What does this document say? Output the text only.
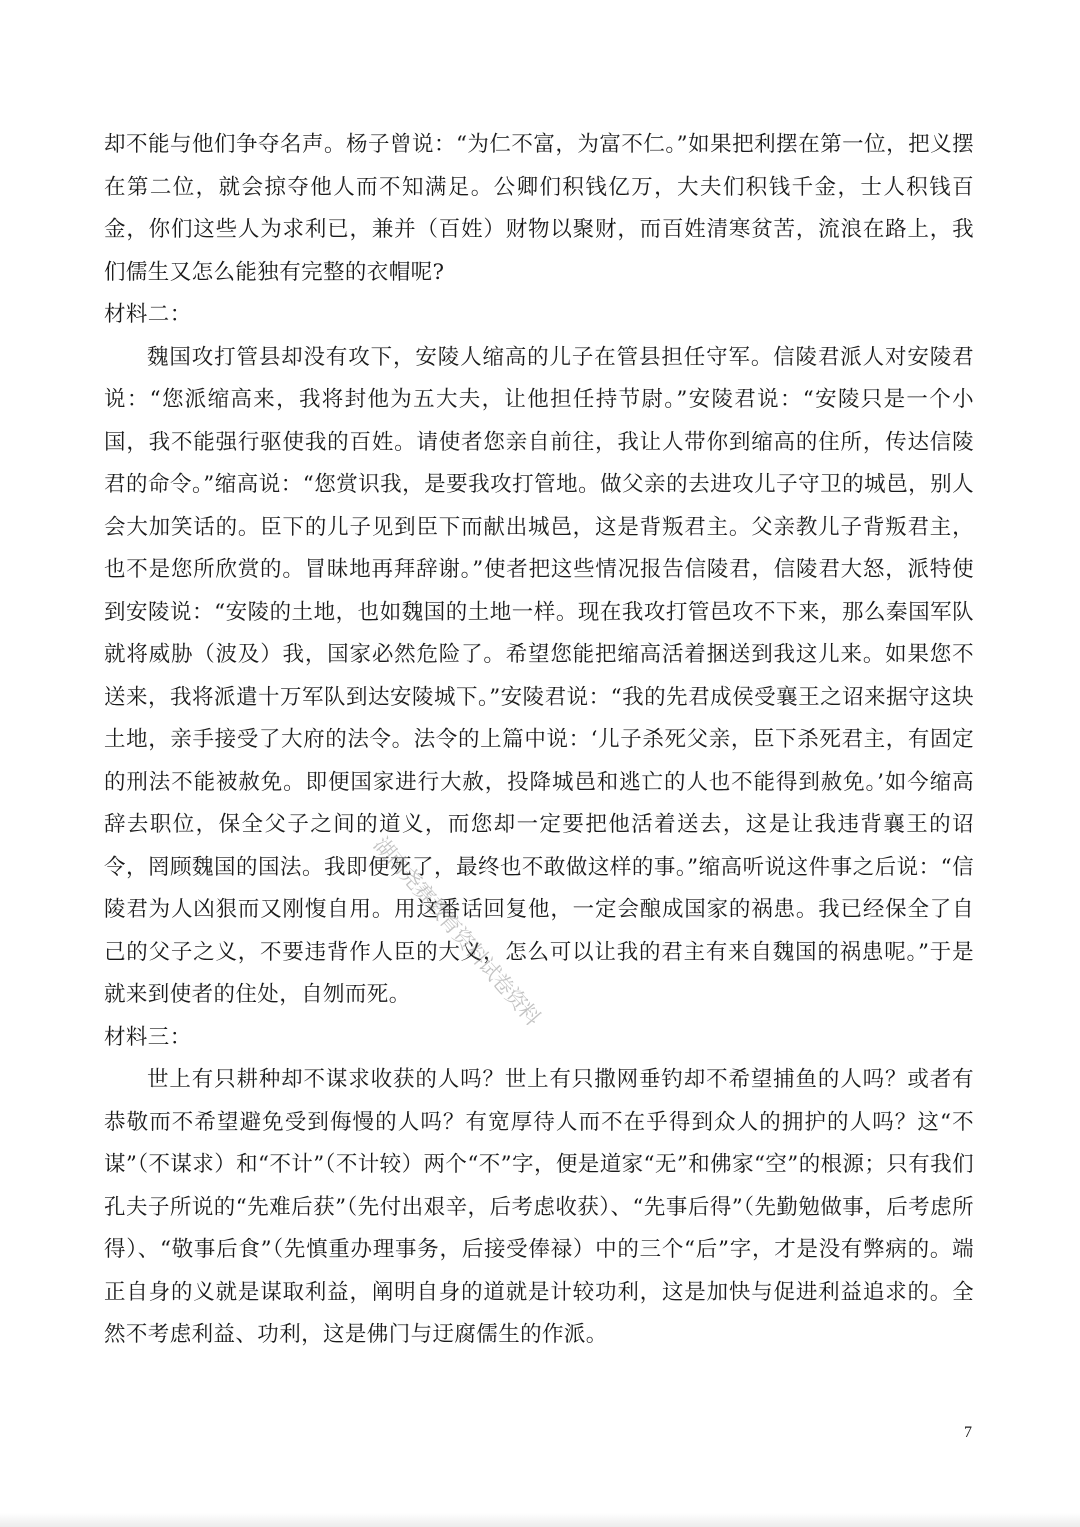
却不能与他们争夺名声。杨子曾说：“为仁不富，为富不仁。”如果把利摆在第一位，把义摆在第二位，就会掠夺他人而不知满足。公卿们积钱亿万，大夫们积钱千金，士人积钱百金，你们这些人为求利已，兼并（百姓）财物以聚财，而百姓清寒贫苦，流浪在路上，我们儒生又怎么能独有完整的衣帽呢?

材料二：

魏国攻打管县却没有攻下，安陵人缩高的儿子在管县担任守军。信陵君派人对安陵君说：“您派缩高来，我将封他为五大夫，让他担任持节尉。”安陵君说：“安陵只是一个小国，我不能强行驱使我的百姓。请使者您亲自前往，我让人带你到缩高的住所，传达信陵君的命令。”缩高说：“您赏识我，是要我攻打管地。做父亲的去进攻儿子守卫的城邑，别人会大加笑话的。臣下的儿子见到臣下而献出城邑，这是背叛君主。父亲教儿子背叛君主，也不是您所欣赏的。冒昧地再拜辞谢。”使者把这些情况报告信陵君，信陵君大怒，派特使到安陵说：“安陵的土地，也如魏国的土地一样。现在我攻打管邑攻不下来，那么秦国军队就将威胁（波及）我，国家必然危险了。希望您能把缩高活着捆送到我这儿来。如果您不送来，我将派遣十万军队到达安陵城下。”安陵君说：“我的先君成侯受襄王之诏来据守这块土地，亲手接受了大府的法令。法令的上篇中说：‘儿子杀死父亲，臣下杀死君主，有固定的刑法不能被赦免。即便国家进行大赦，投降城邑和逃亡的人也不能得到赦免。’如今缩高辞去职位，保全父子之间的道义，而您却一定要把他活着送去，这是让我违背襄王的诏令，罔顾魏国的国法。我即便死了，最终也不敢做这样的事。”缩高听说这件事之后说：“信陵君为人凶狠而又刚愎自用。用这番话回复他，一定会酿成国家的祸患。我已经保全了自己的父子之义，不要违背作人臣的大义，怎么可以让我的君主有来自魏国的祸患呢。”于是就来到使者的住处，自刎而死。

材料三：

世上有只耕种却不谋求收获的人吗？世上有只撒网垂钓却不希望捕鱼的人吗？或者有恭敬而不希望避免受到侮慢的人吗？有宽厚待人而不在乎得到众人的拥护的人吗？这“不谋”（不谋求）和“不计”（不计较）两个“不”字，便是道家“无”和佛家“空”的根源；只有我们孔夫子所说的“先难后获”（先付出艰辛，后考虑收获）、“先事后得”（先勤勉做事，后考虑所得）、“敬事后食”（先慎重办理事务，后接受俸禄）中的三个“后”字，才是没有弊病的。端正自身的义就是谋取利益，阐明自身的道就是计较功利，这是加快与促进利益追求的。全然不考虑利益、功利，这是佛门与迂腐儒生的作派。

湖南尧赛教育资料试卷资料
7
